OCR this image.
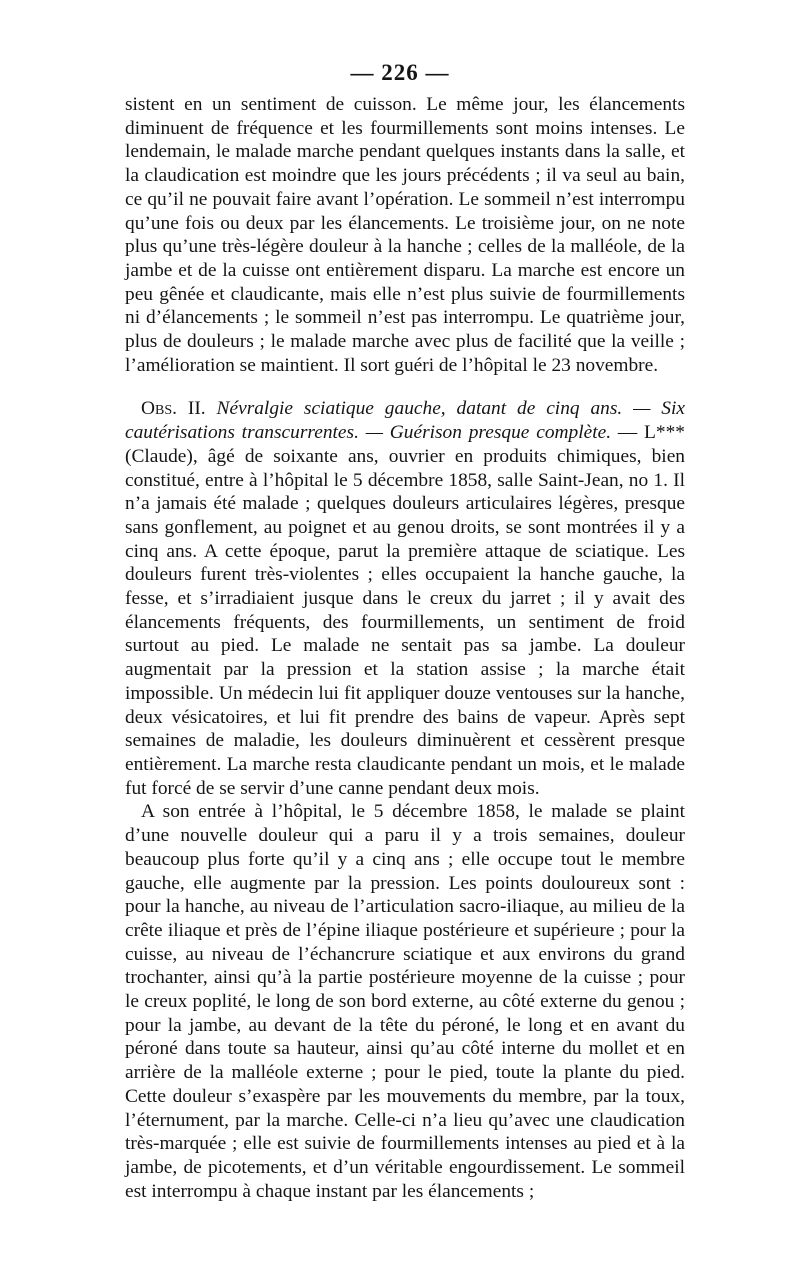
— 226 —

sistent en un sentiment de cuisson. Le même jour, les élancements diminuent de fréquence et les fourmillements sont moins intenses. Le lendemain, le malade marche pendant quelques instants dans la salle, et la claudication est moindre que les jours précédents ; il va seul au bain, ce qu’il ne pouvait faire avant l’opération. Le sommeil n’est interrompu qu’une fois ou deux par les élancements. Le troisième jour, on ne note plus qu’une très-légère douleur à la hanche ; celles de la malléole, de la jambe et de la cuisse ont entièrement disparu. La marche est encore un peu gênée et claudicante, mais elle n’est plus suivie de fourmillements ni d’élancements ; le sommeil n’est pas interrompu. Le quatrième jour, plus de douleurs ; le malade marche avec plus de facilité que la veille ; l’amélioration se maintient. Il sort guéri de l’hôpital le 23 novembre.

Obs. II. Névralgie sciatique gauche, datant de cinq ans. — Six cautérisations transcurrentes. — Guérison presque complète. — L*** (Claude), âgé de soixante ans, ouvrier en produits chimiques, bien constitué, entre à l’hôpital le 5 décembre 1858, salle Saint-Jean, no 1. Il n’a jamais été malade ; quelques douleurs articulaires légères, presque sans gonflement, au poignet et au genou droits, se sont montrées il y a cinq ans. A cette époque, parut la première attaque de sciatique. Les douleurs furent très-violentes ; elles occupaient la hanche gauche, la fesse, et s’irradiaient jusque dans le creux du jarret ; il y avait des élancements fréquents, des fourmillements, un sentiment de froid surtout au pied. Le malade ne sentait pas sa jambe. La douleur augmentait par la pression et la station assise ; la marche était impossible. Un médecin lui fit appliquer douze ventouses sur la hanche, deux vésicatoires, et lui fit prendre des bains de vapeur. Après sept semaines de maladie, les douleurs diminuèrent et cessèrent presque entièrement. La marche resta claudicante pendant un mois, et le malade fut forcé de se servir d’une canne pendant deux mois.

A son entrée à l’hôpital, le 5 décembre 1858, le malade se plaint d’une nouvelle douleur qui a paru il y a trois semaines, douleur beaucoup plus forte qu’il y a cinq ans ; elle occupe tout le membre gauche, elle augmente par la pression. Les points douloureux sont : pour la hanche, au niveau de l’articulation sacro-iliaque, au milieu de la crête iliaque et près de l’épine iliaque postérieure et supérieure ; pour la cuisse, au niveau de l’échancrure sciatique et aux environs du grand trochanter, ainsi qu’à la partie postérieure moyenne de la cuisse ; pour le creux poplité, le long de son bord externe, au côté externe du genou ; pour la jambe, au devant de la tête du péroné, le long et en avant du péroné dans toute sa hauteur, ainsi qu’au côté interne du mollet et en arrière de la malléole externe ; pour le pied, toute la plante du pied. Cette douleur s’exaspère par les mouvements du membre, par la toux, l’éternument, par la marche. Celle-ci n’a lieu qu’avec une claudication très-marquée ; elle est suivie de fourmillements intenses au pied et à la jambe, de picotements, et d’un véritable engourdissement. Le sommeil est interrompu à chaque instant par les élancements ;
